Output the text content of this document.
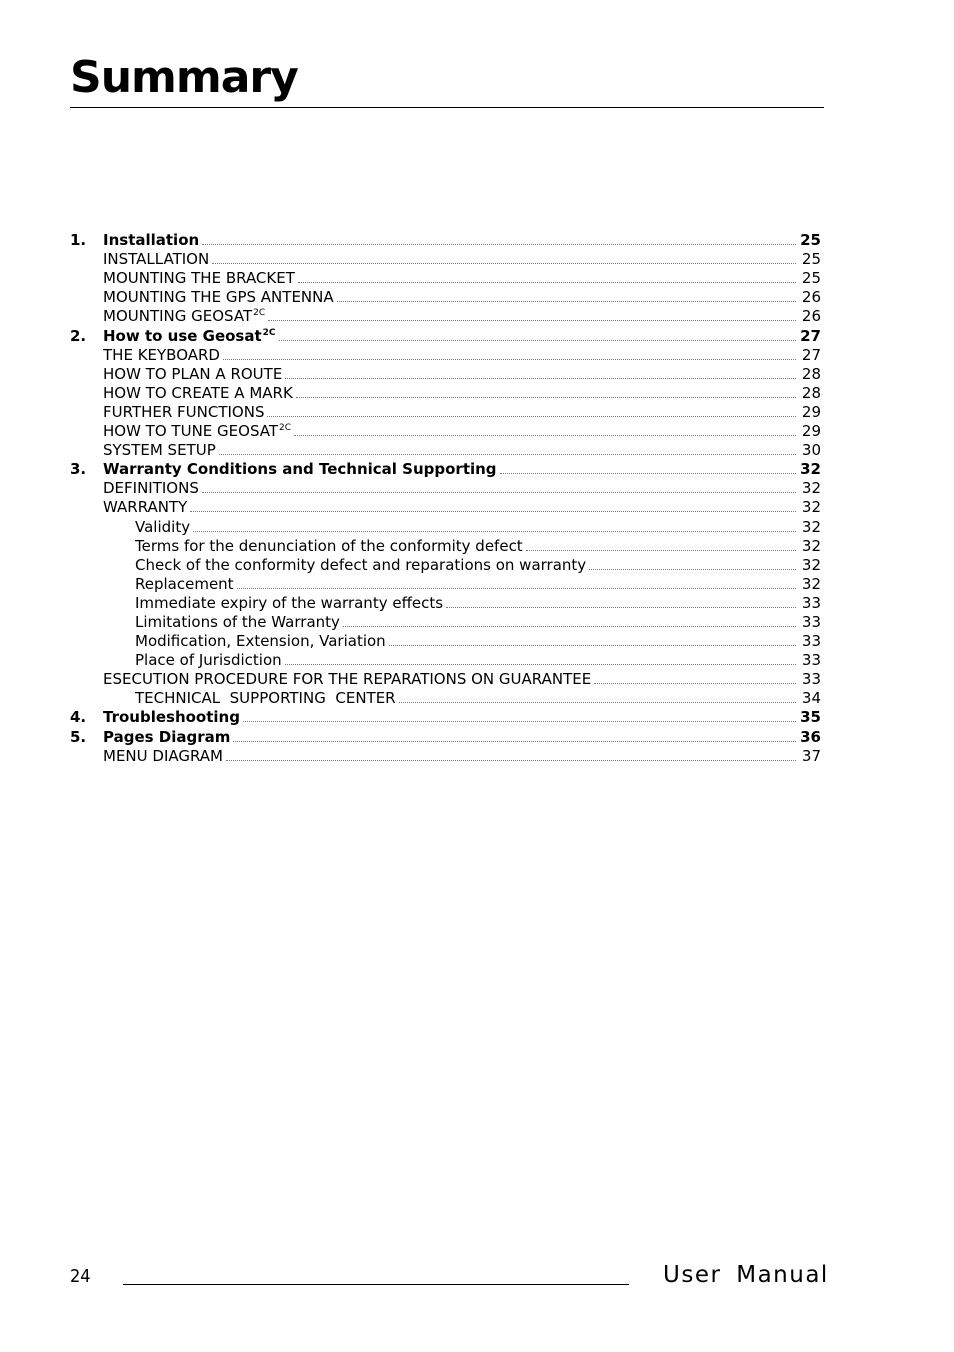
Summary
1.	Installation	25
INSTALLATION	25
MOUNTING THE BRACKET	25
MOUNTING THE GPS ANTENNA	26
MOUNTING $GEOSAT^{2C}$	26
2.	How to use Geosat$^{2C}$	27
THE KEYBOARD	27
HOW TO PLAN A ROUTE	28
HOW TO CREATE A MARK	28
FURTHER FUNCTIONS	29
HOW TO TUNE $GEOSAT^{2C}$	29
SYSTEM SETUP	30
3.	Warranty Conditions and Technical Supporting	32
DEFINITIONS	32
WARRANTY	32
Validity	32
Terms for the denunciation of the conformity defect	32
Check of the conformity defect and reparations on warranty	32
Replacement	32
Immediate expiry of the warranty effects	33
Limitations of the Warranty	33
Modification, Extension, Variation	33
Place of Jurisdiction	33
ESECUTION PROCEDURE FOR THE REPARATIONS ON GUARANTEE	33
TECHNICAL  SUPPORTING  CENTER	34
4.	Troubleshooting	35
5.	Pages Diagram	36
MENU DIAGRAM	37
24	User Manual
